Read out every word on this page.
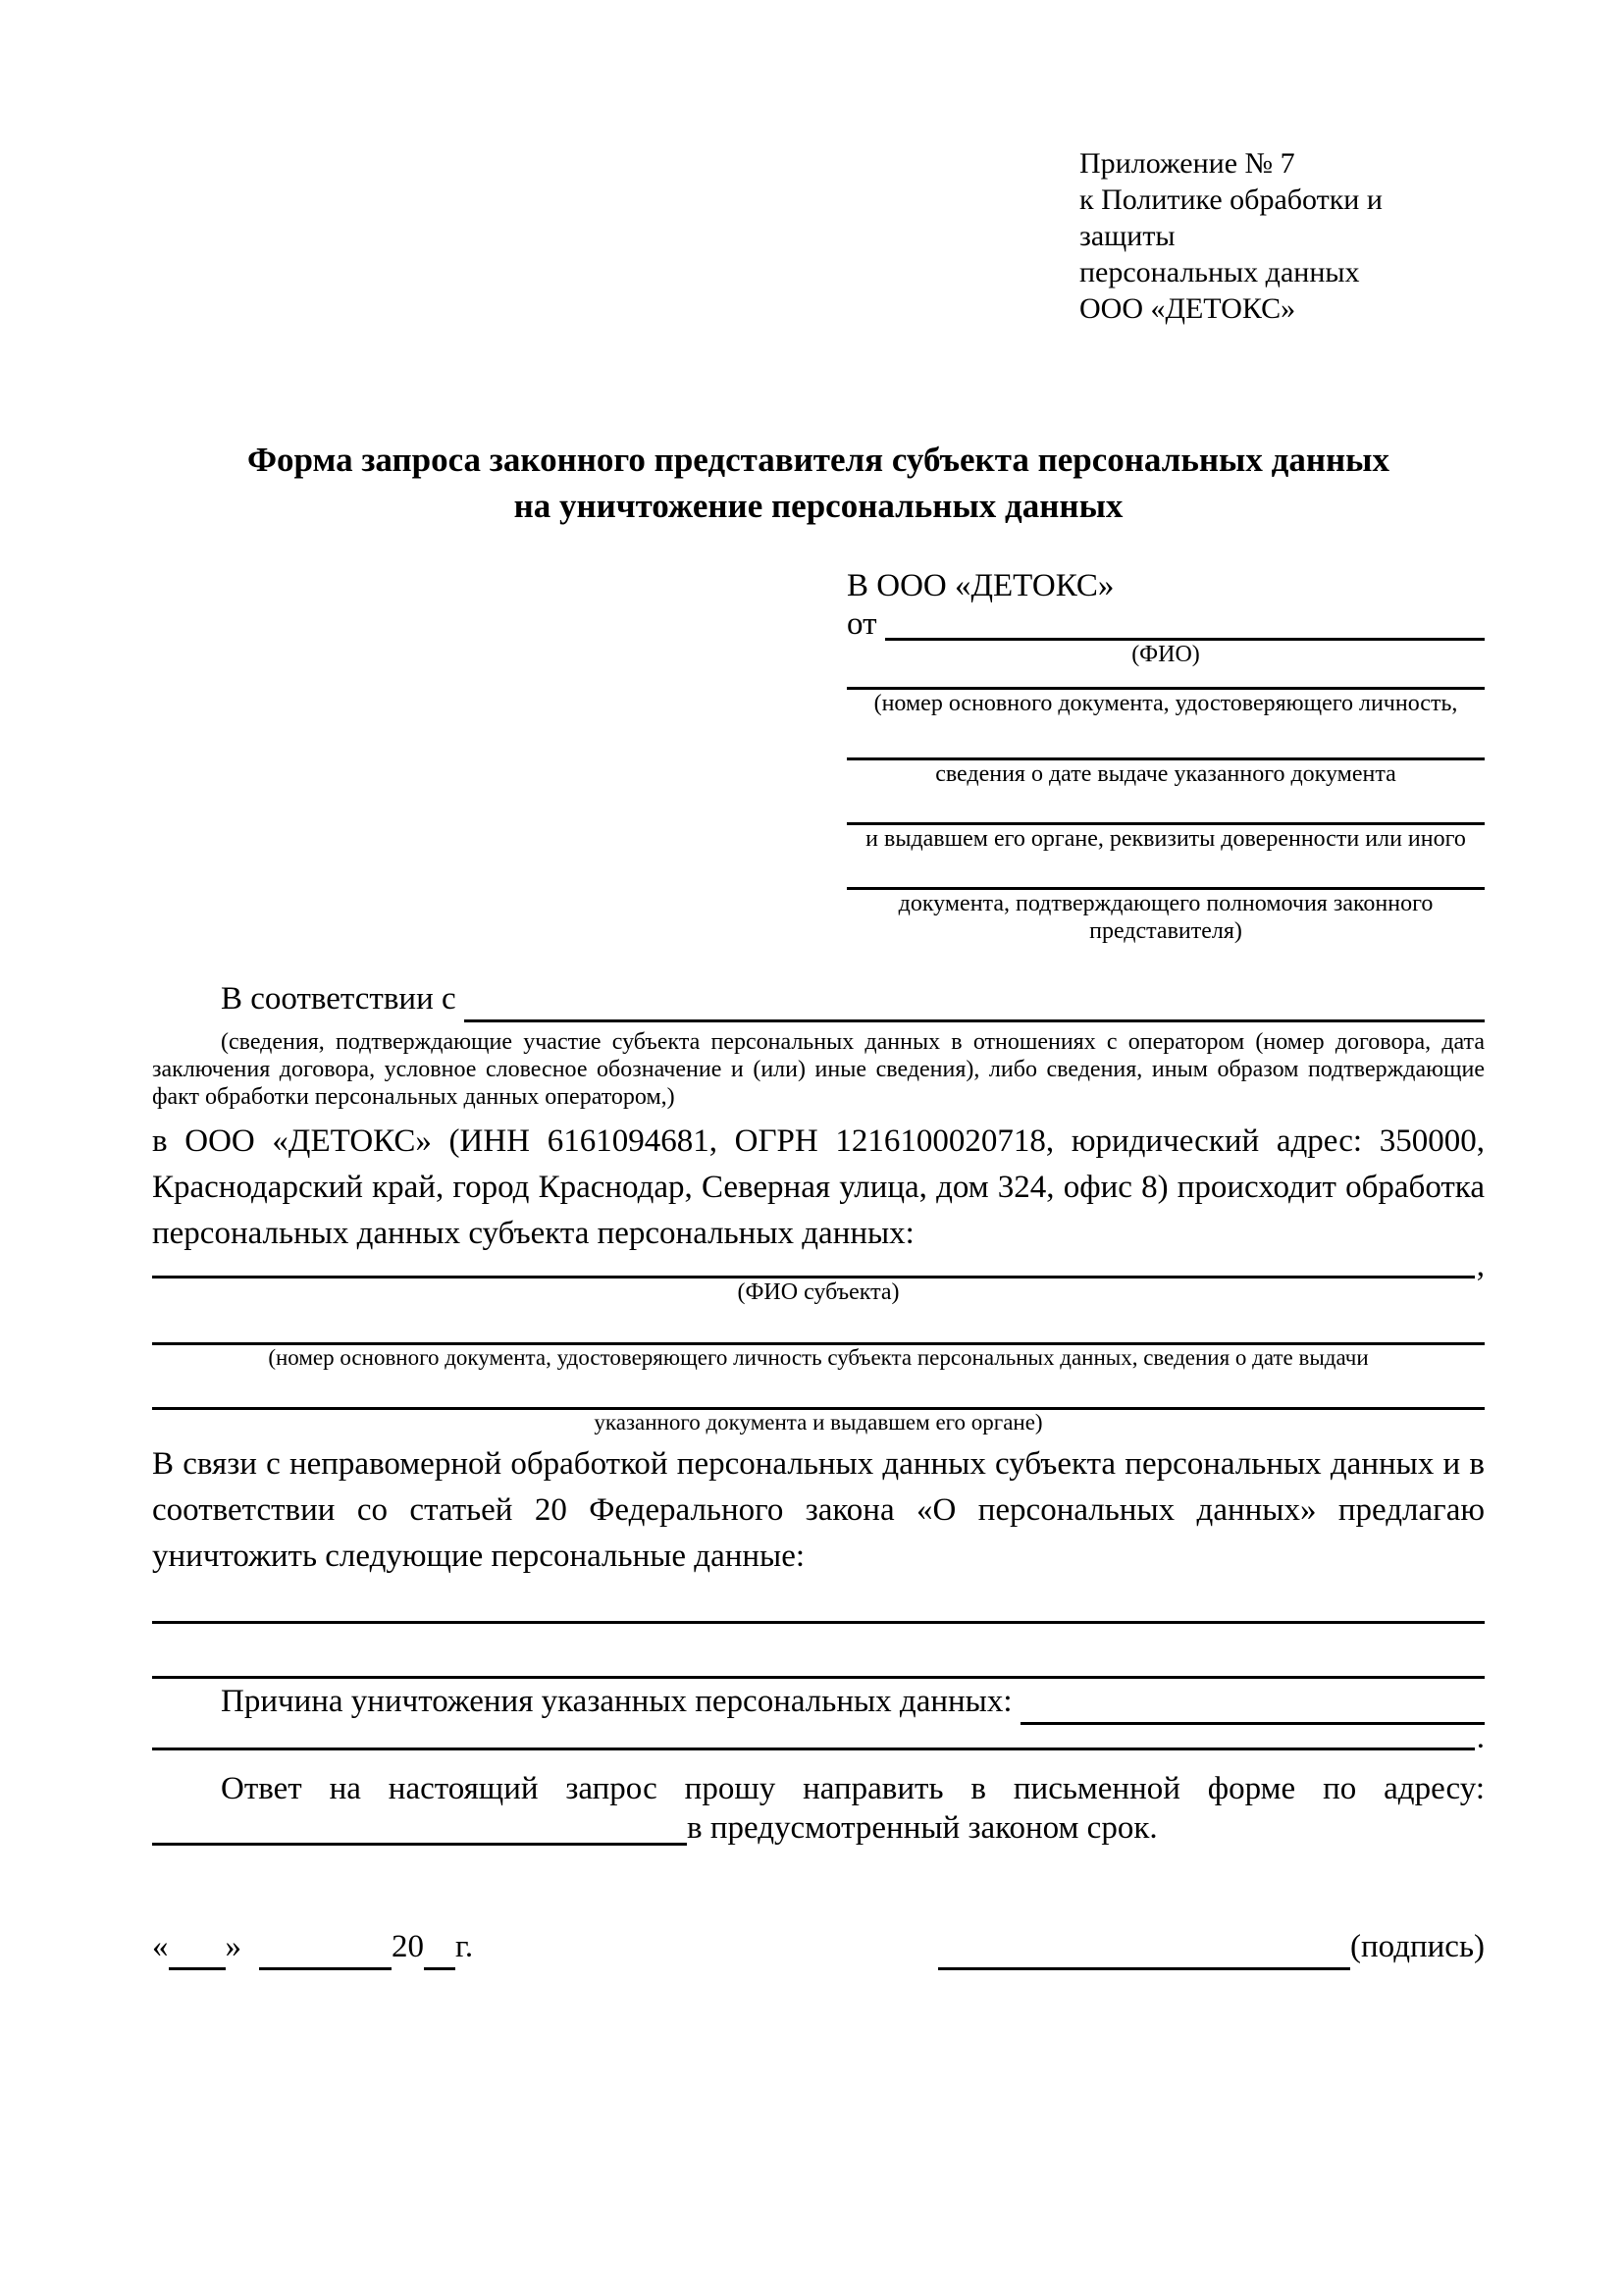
Приложение № 7
к Политике обработки и защиты
персональных данных
ООО «ДЕТОКС»
Форма запроса законного представителя субъекта персональных данных
на уничтожение персональных данных
В ООО «ДЕТОКС»
от
(ФИО)
(номер основного документа, удостоверяющего личность,
сведения о дате выдаче указанного документа
и выдавшем его органе, реквизиты доверенности или иного
документа, подтверждающего полномочия законного представителя)
В соответствии с
(сведения, подтверждающие участие субъекта персональных данных в отношениях с оператором (номер договора, дата заключения договора, условное словесное обозначение и (или) иные сведения), либо сведения, иным образом подтверждающие факт обработки персональных данных оператором,)
в ООО «ДЕТОКС» (ИНН 6161094681, ОГРН 1216100020718, юридический адрес: 350000, Краснодарский край, город Краснодар, Северная улица, дом 324, офис 8) происходит обработка персональных данных субъекта персональных данных:
,
(ФИО субъекта)
(номер основного документа, удостоверяющего личность субъекта персональных данных, сведения о дате выдачи
указанного документа и выдавшем его органе)
В связи с неправомерной обработкой персональных данных субъекта персональных данных и в соответствии со статьей 20 Федерального закона «О персональных данных» предлагаю уничтожить следующие персональные данные:
Причина уничтожения указанных персональных данных:
.
Ответ на настоящий запрос прошу направить в письменной форме по адресу:
в предусмотренный законом срок.
« »	20 г.	(подпись)
